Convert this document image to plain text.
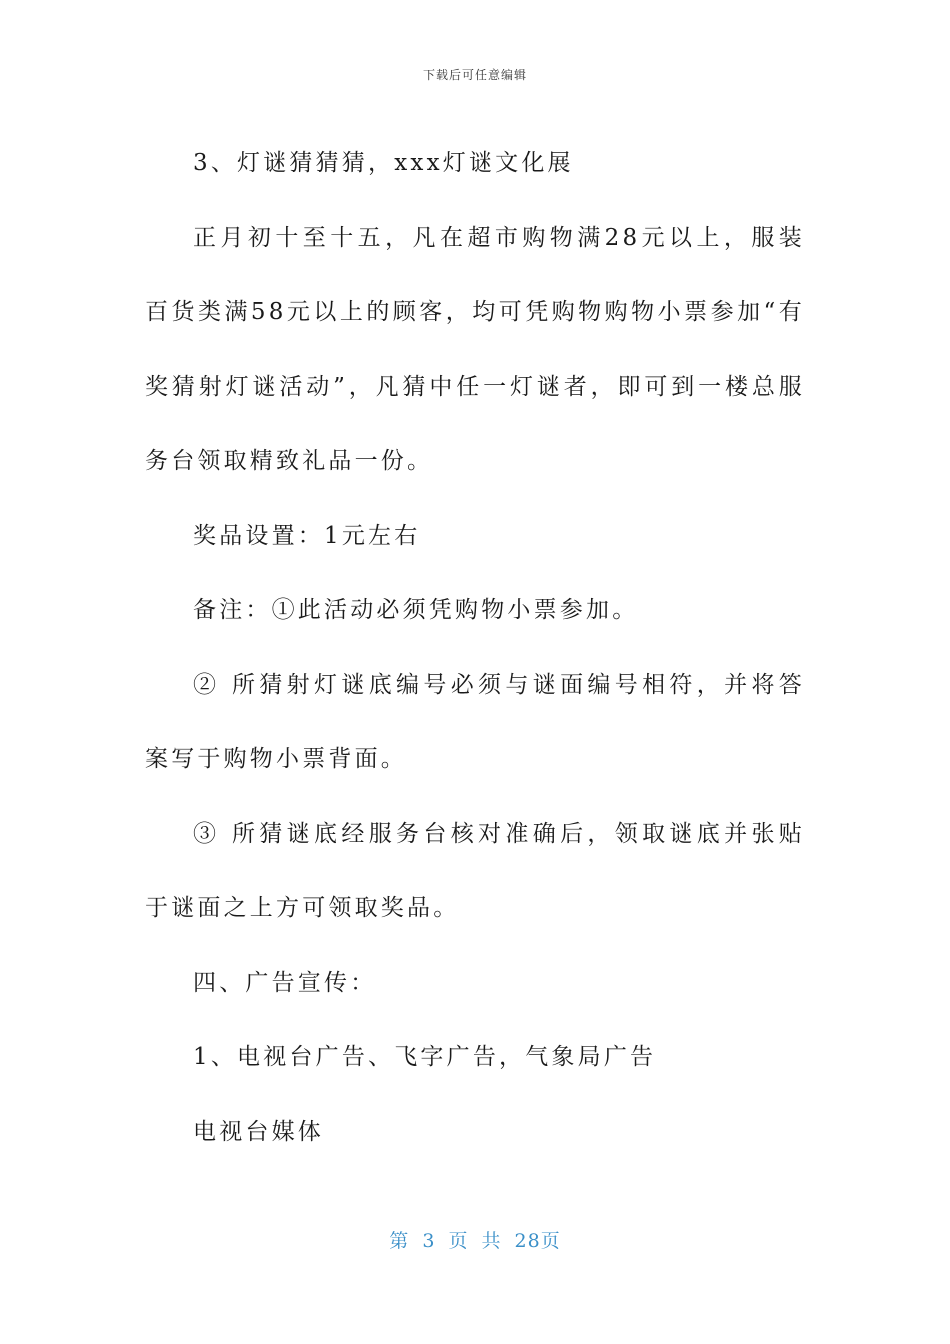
下载后可任意编辑

3、灯谜猜猜猜，xxx灯谜文化展

正月初十至十五，凡在超市购物满28元以上，服装百货类满58元以上的顾客，均可凭购物购物小票参加“有奖猜射灯谜活动”，凡猜中任一灯谜者，即可到一楼总服务台领取精致礼品一份。

奖品设置：1元左右

备注：①此活动必须凭购物小票参加。

② 所猜射灯谜底编号必须与谜面编号相符，并将答案写于购物小票背面。

③ 所猜谜底经服务台核对准确后，领取谜底并张贴于谜面之上方可领取奖品。

四、广告宣传：

1、电视台广告、飞字广告，气象局广告

电视台媒体

第 3 页 共 28页
